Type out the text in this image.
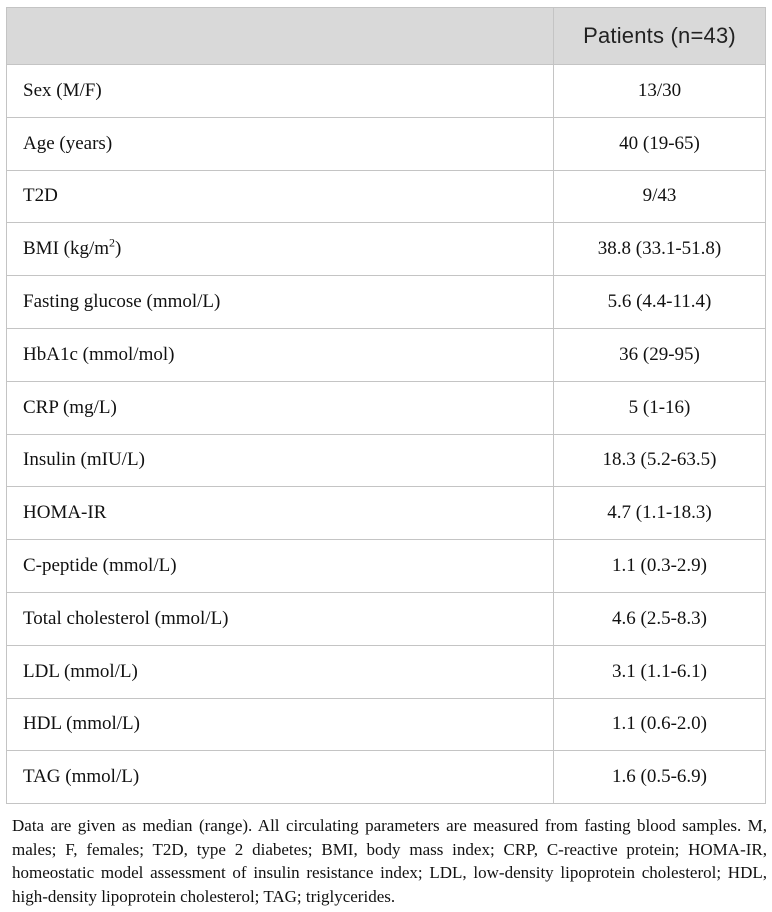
	Patients (n=43)
Sex (M/F)	13/30
Age (years)	40 (19-65)
T2D	9/43
BMI $(kg/m^2)$	38.8 (33.1-51.8)
Fasting glucose (mmol/L)	5.6 (4.4-11.4)
HbA1c (mmol/mol)	36 (29-95)
CRP (mg/L)	5 (1-16)
Insulin (mIU/L)	18.3 (5.2-63.5)
HOMA-IR	4.7 (1.1-18.3)
C-peptide (mmol/L)	1.1 (0.3-2.9)
Total cholesterol (mmol/L)	4.6 (2.5-8.3)
LDL (mmol/L)	3.1 (1.1-6.1)
HDL (mmol/L)	1.1 (0.6-2.0)
TAG (mmol/L)	1.6 (0.5-6.9)

Data are given as median (range). All circulating parameters are measured from fasting blood samples. M, males; F, females; T2D, type 2 diabetes; BMI, body mass index; CRP, C-reactive protein; HOMA-IR, homeostatic model assessment of insulin resistance index; LDL, low-density lipoprotein cholesterol; HDL, high-density lipoprotein cholesterol; TAG; triglycerides.
